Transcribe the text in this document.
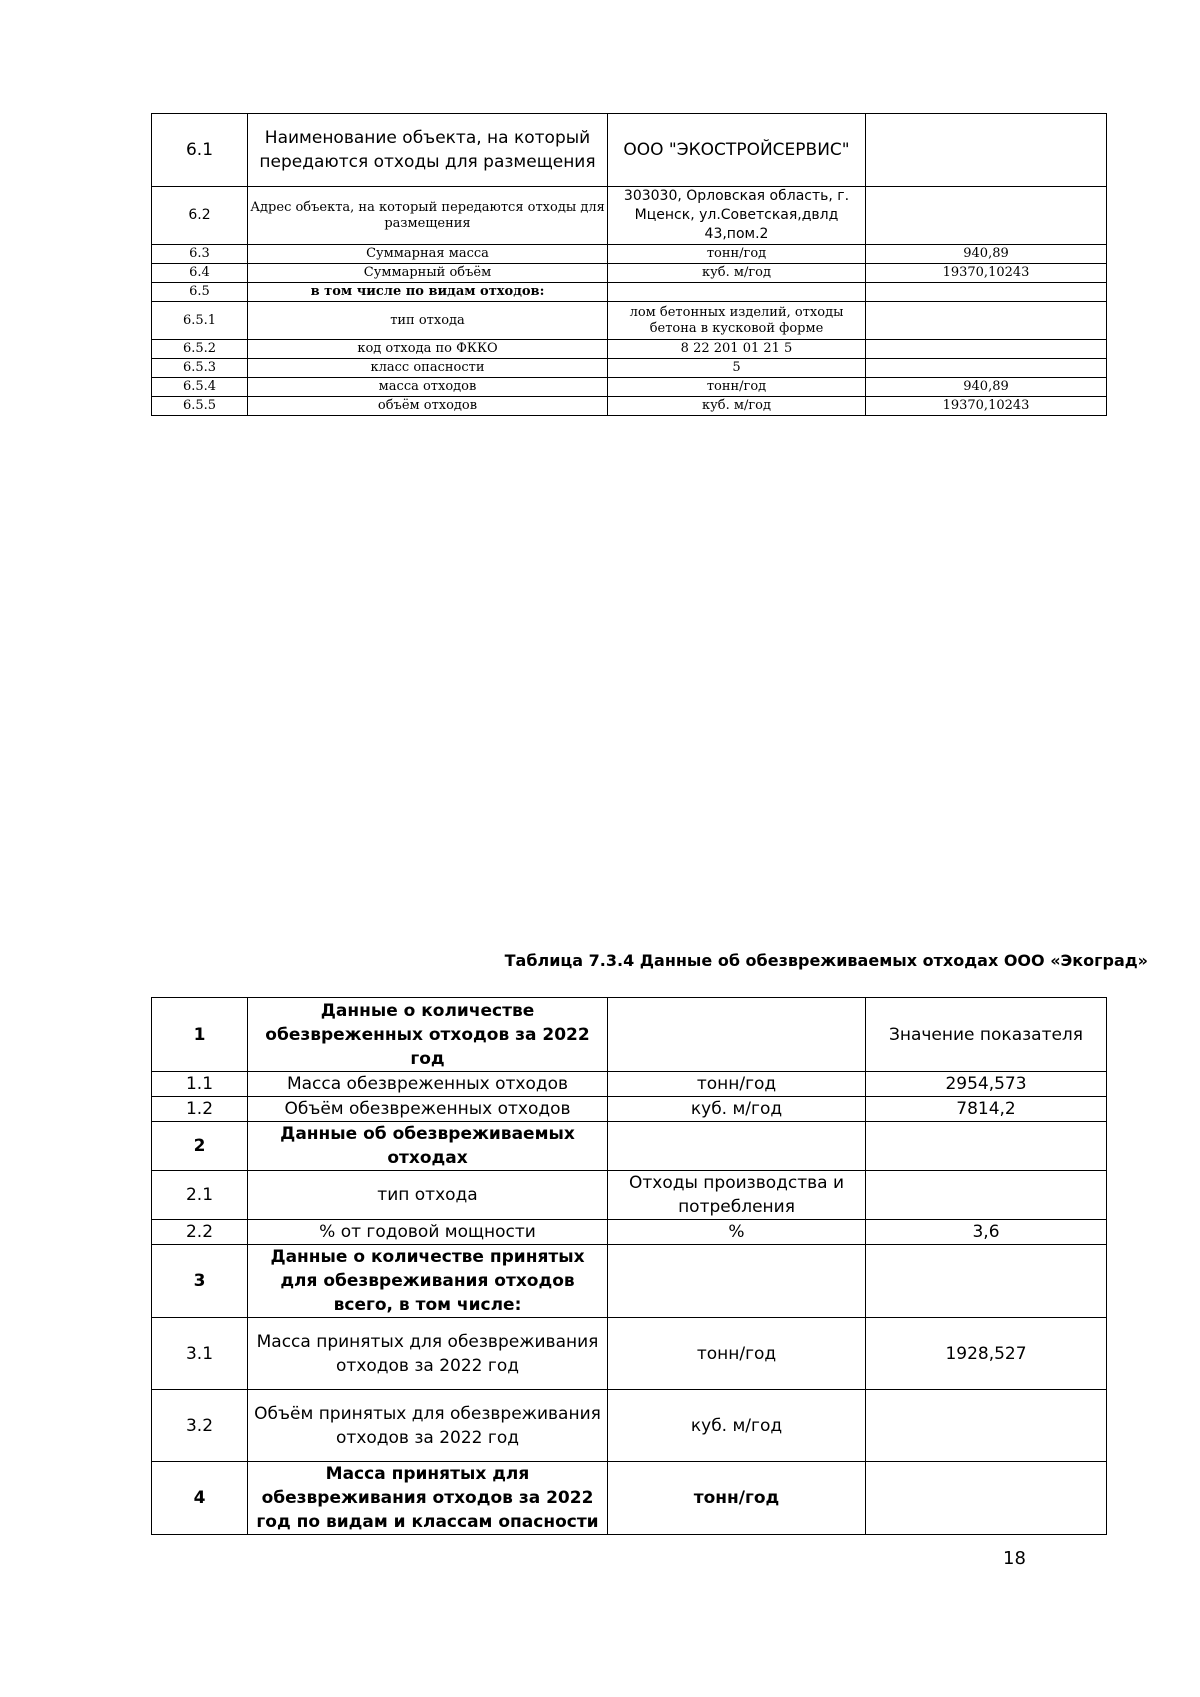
6.1	Наименование объекта, на который передаются отходы для размещения	ООО "ЭКОСТРОЙСЕРВИС"	
6.2	Адрес объекта, на который передаются отходы для размещения	303030, Орловская область, г. Мценск, ул.Советская,двлд 43,пом.2	
6.3	Суммарная масса	тонн/год	940,89
6.4	Суммарный объём	куб. м/год	19370,10243
6.5	в том числе по видам отходов:		
6.5.1	тип отхода	лом бетонных изделий, отходы бетона в кусковой форме	
6.5.2	код отхода по ФККО	8 22 201 01 21 5	
6.5.3	класс опасности	5	
6.5.4	масса отходов	тонн/год	940,89
6.5.5	объём отходов	куб. м/год	19370,10243
Таблица 7.3.4 Данные об обезвреживаемых отходах ООО «Экоград»
1	Данные о количестве обезвреженных отходов за 2022 год		Значение показателя
1.1	Масса обезвреженных отходов	тонн/год	2954,573
1.2	Объём обезвреженных отходов	куб. м/год	7814,2
2	Данные об обезвреживаемых отходах		
2.1	тип отхода	Отходы производства и потребления	
2.2	% от годовой мощности	%	3,6
3	Данные о количестве принятых для обезвреживания отходов всего, в том числе:		
3.1	Масса принятых для обезвреживания отходов за 2022 год	тонн/год	1928,527
3.2	Объём принятых для обезвреживания отходов за 2022 год	куб. м/год	
4	Масса принятых для обезвреживания отходов за 2022 год по видам и классам опасности	тонн/год	
18
